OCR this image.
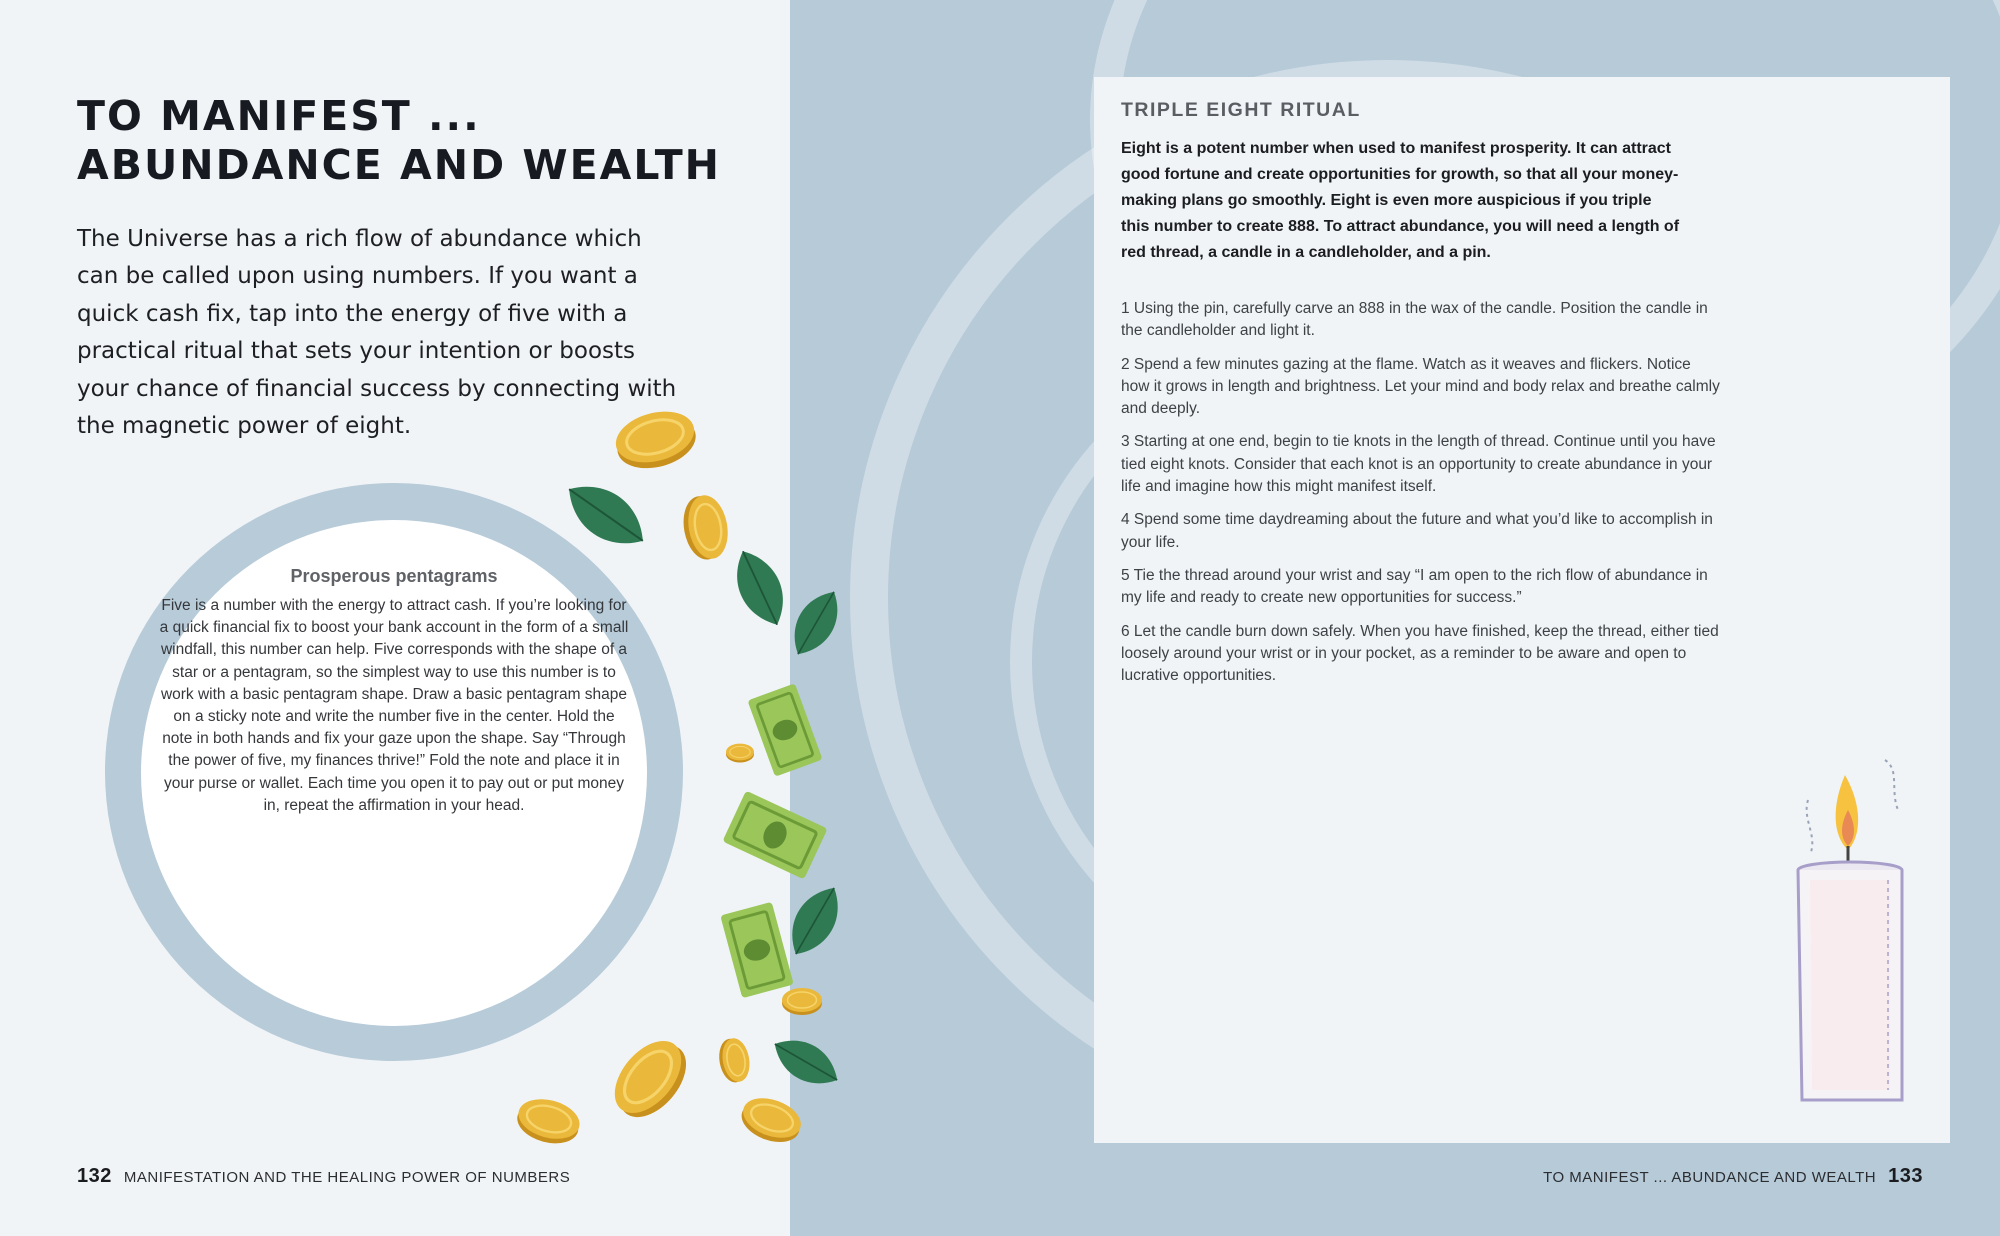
TO MANIFEST ... ABUNDANCE AND WEALTH

The Universe has a rich flow of abundance which can be called upon using numbers. If you want a quick cash fix, tap into the energy of five with a practical ritual that sets your intention or boosts your chance of financial success by connecting with the magnetic power of eight.

Prosperous pentagrams

Five is a number with the energy to attract cash. If you’re looking for a quick financial fix to boost your bank account in the form of a small windfall, this number can help. Five corresponds with the shape of a star or a pentagram, so the simplest way to use this number is to work with a basic pentagram shape. Draw a basic pentagram shape on a sticky note and write the number five in the center. Hold the note in both hands and fix your gaze upon the shape. Say “Through the power of five, my finances thrive!” Fold the note and place it in your purse or wallet. Each time you open it to pay out or put money in, repeat the affirmation in your head.

TRIPLE EIGHT RITUAL

Eight is a potent number when used to manifest prosperity. It can attract good fortune and create opportunities for growth, so that all your money-making plans go smoothly. Eight is even more auspicious if you triple this number to create 888. To attract abundance, you will need a length of red thread, a candle in a candleholder, and a pin.

1 Using the pin, carefully carve an 888 in the wax of the candle. Position the candle in the candleholder and light it.
2 Spend a few minutes gazing at the flame. Watch as it weaves and flickers. Notice how it grows in length and brightness. Let your mind and body relax and breathe calmly and deeply.
3 Starting at one end, begin to tie knots in the length of thread. Continue until you have tied eight knots. Consider that each knot is an opportunity to create abundance in your life and imagine how this might manifest itself.
4 Spend some time daydreaming about the future and what you’d like to accomplish in your life.
5 Tie the thread around your wrist and say “I am open to the rich flow of abundance in my life and ready to create new opportunities for success.”
6 Let the candle burn down safely. When you have finished, keep the thread, either tied loosely around your wrist or in your pocket, as a reminder to be aware and open to lucrative opportunities.
132 MANIFESTATION AND THE HEALING POWER OF NUMBERS	TO MANIFEST ... ABUNDANCE AND WEALTH 133
